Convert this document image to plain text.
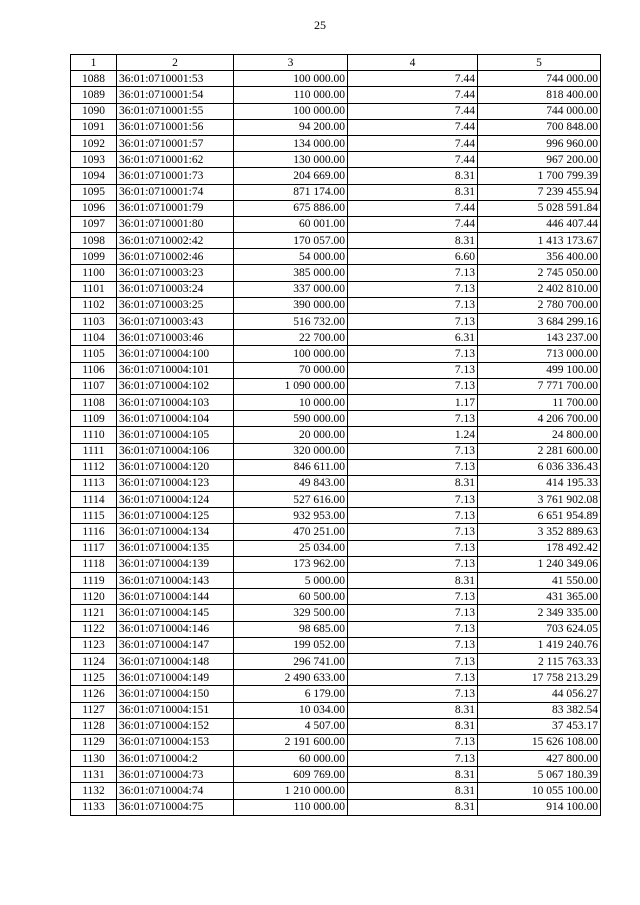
25
1	2	3	4	5
1088	36:01:0710001:53	100 000.00	7.44	744 000.00
1089	36:01:0710001:54	110 000.00	7.44	818 400.00
1090	36:01:0710001:55	100 000.00	7.44	744 000.00
1091	36:01:0710001:56	94 200.00	7.44	700 848.00
1092	36:01:0710001:57	134 000.00	7.44	996 960.00
1093	36:01:0710001:62	130 000.00	7.44	967 200.00
1094	36:01:0710001:73	204 669.00	8.31	1 700 799.39
1095	36:01:0710001:74	871 174.00	8.31	7 239 455.94
1096	36:01:0710001:79	675 886.00	7.44	5 028 591.84
1097	36:01:0710001:80	60 001.00	7.44	446 407.44
1098	36:01:0710002:42	170 057.00	8.31	1 413 173.67
1099	36:01:0710002:46	54 000.00	6.60	356 400.00
1100	36:01:0710003:23	385 000.00	7.13	2 745 050.00
1101	36:01:0710003:24	337 000.00	7.13	2 402 810.00
1102	36:01:0710003:25	390 000.00	7.13	2 780 700.00
1103	36:01:0710003:43	516 732.00	7.13	3 684 299.16
1104	36:01:0710003:46	22 700.00	6.31	143 237.00
1105	36:01:0710004:100	100 000.00	7.13	713 000.00
1106	36:01:0710004:101	70 000.00	7.13	499 100.00
1107	36:01:0710004:102	1 090 000.00	7.13	7 771 700.00
1108	36:01:0710004:103	10 000.00	1.17	11 700.00
1109	36:01:0710004:104	590 000.00	7.13	4 206 700.00
1110	36:01:0710004:105	20 000.00	1.24	24 800.00
1111	36:01:0710004:106	320 000.00	7.13	2 281 600.00
1112	36:01:0710004:120	846 611.00	7.13	6 036 336.43
1113	36:01:0710004:123	49 843.00	8.31	414 195.33
1114	36:01:0710004:124	527 616.00	7.13	3 761 902.08
1115	36:01:0710004:125	932 953.00	7.13	6 651 954.89
1116	36:01:0710004:134	470 251.00	7.13	3 352 889.63
1117	36:01:0710004:135	25 034.00	7.13	178 492.42
1118	36:01:0710004:139	173 962.00	7.13	1 240 349.06
1119	36:01:0710004:143	5 000.00	8.31	41 550.00
1120	36:01:0710004:144	60 500.00	7.13	431 365.00
1121	36:01:0710004:145	329 500.00	7.13	2 349 335.00
1122	36:01:0710004:146	98 685.00	7.13	703 624.05
1123	36:01:0710004:147	199 052.00	7.13	1 419 240.76
1124	36:01:0710004:148	296 741.00	7.13	2 115 763.33
1125	36:01:0710004:149	2 490 633.00	7.13	17 758 213.29
1126	36:01:0710004:150	6 179.00	7.13	44 056.27
1127	36:01:0710004:151	10 034.00	8.31	83 382.54
1128	36:01:0710004:152	4 507.00	8.31	37 453.17
1129	36:01:0710004:153	2 191 600.00	7.13	15 626 108.00
1130	36:01:0710004:2	60 000.00	7.13	427 800.00
1131	36:01:0710004:73	609 769.00	8.31	5 067 180.39
1132	36:01:0710004:74	1 210 000.00	8.31	10 055 100.00
1133	36:01:0710004:75	110 000.00	8.31	914 100.00
